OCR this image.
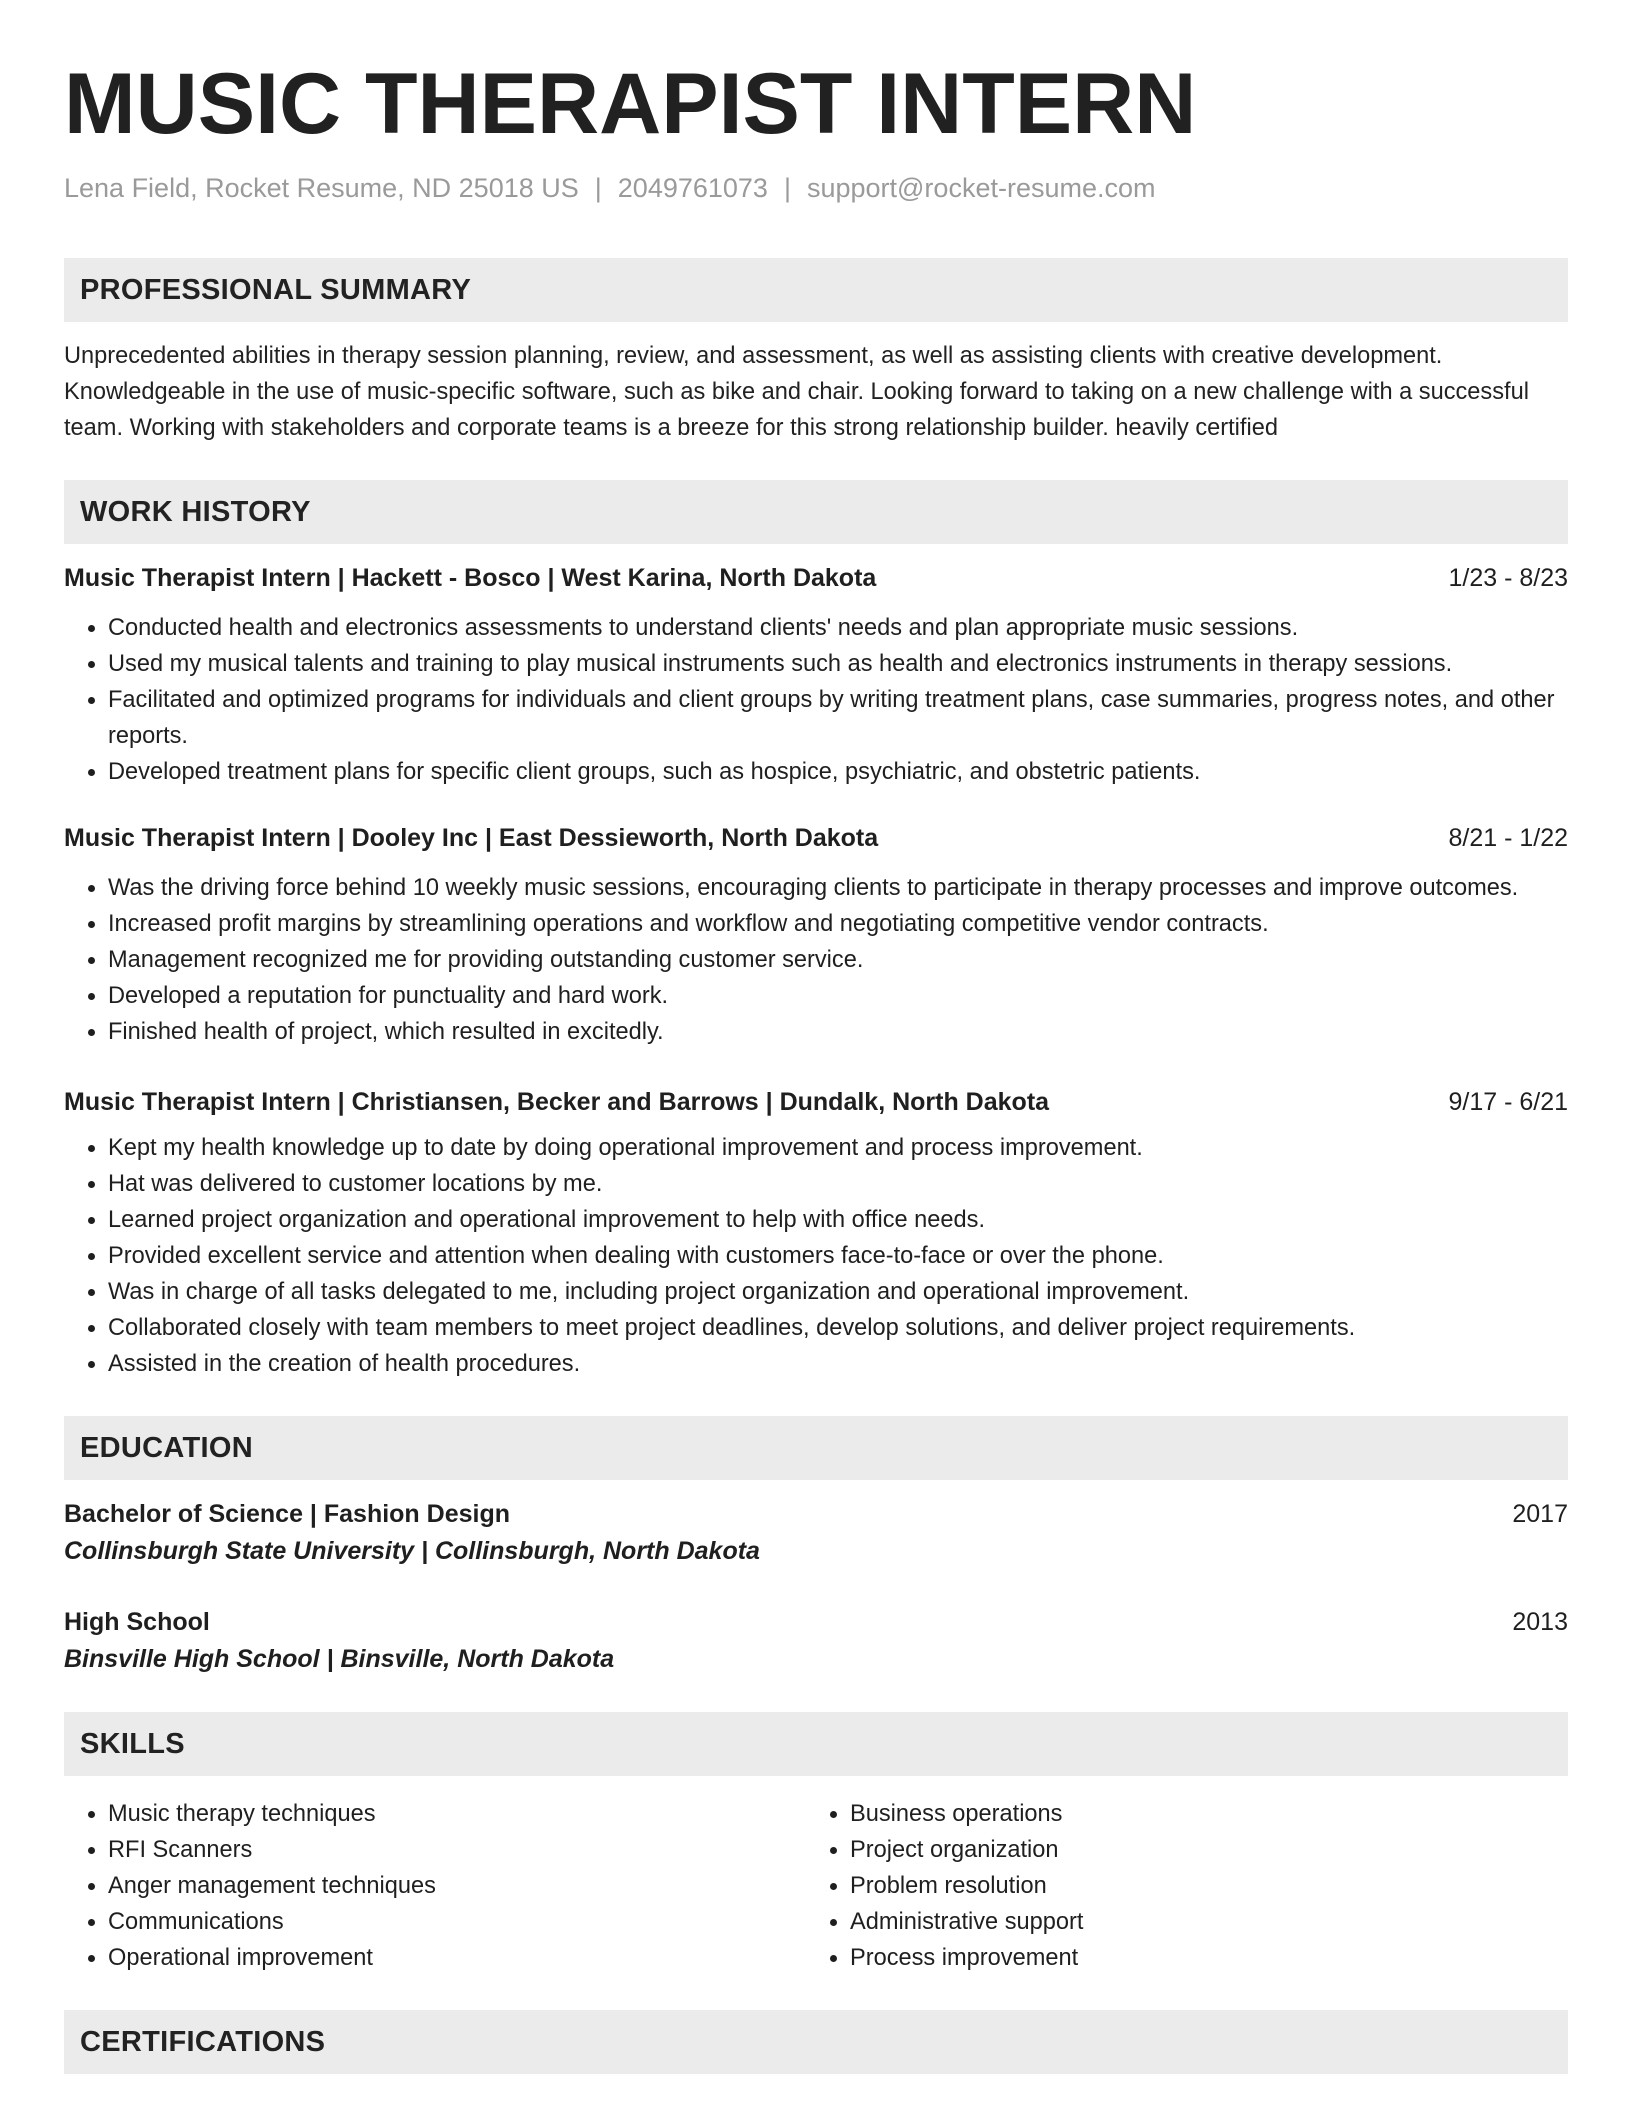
MUSIC THERAPIST INTERN
Lena Field, Rocket Resume, ND 25018 US | 2049761073 | support@rocket-resume.com
PROFESSIONAL SUMMARY

Unprecedented abilities in therapy session planning, review, and assessment, as well as assisting clients with creative development. Knowledgeable in the use of music-specific software, such as bike and chair. Looking forward to taking on a new challenge with a successful team. Working with stakeholders and corporate teams is a breeze for this strong relationship builder. heavily certified

WORK HISTORY
Music Therapist Intern | Hackett - Bosco | West Karina, North Dakota	1/23 - 8/23
• Conducted health and electronics assessments to understand clients' needs and plan appropriate music sessions.
• Used my musical talents and training to play musical instruments such as health and electronics instruments in therapy sessions.
• Facilitated and optimized programs for individuals and client groups by writing treatment plans, case summaries, progress notes, and other reports.
• Developed treatment plans for specific client groups, such as hospice, psychiatric, and obstetric patients.
Music Therapist Intern | Dooley Inc | East Dessieworth, North Dakota	8/21 - 1/22
• Was the driving force behind 10 weekly music sessions, encouraging clients to participate in therapy processes and improve outcomes.
• Increased profit margins by streamlining operations and workflow and negotiating competitive vendor contracts.
• Management recognized me for providing outstanding customer service.
• Developed a reputation for punctuality and hard work.
• Finished health of project, which resulted in excitedly.
Music Therapist Intern | Christiansen, Becker and Barrows | Dundalk, North Dakota	9/17 - 6/21
• Kept my health knowledge up to date by doing operational improvement and process improvement.
• Hat was delivered to customer locations by me.
• Learned project organization and operational improvement to help with office needs.
• Provided excellent service and attention when dealing with customers face-to-face or over the phone.
• Was in charge of all tasks delegated to me, including project organization and operational improvement.
• Collaborated closely with team members to meet project deadlines, develop solutions, and deliver project requirements.
• Assisted in the creation of health procedures.
EDUCATION
Bachelor of Science | Fashion Design	2017
Collinsburgh State University | Collinsburgh, North Dakota
High School	2013
Binsville High School | Binsville, North Dakota
SKILLS
• Music therapy techniques
• RFI Scanners
• Anger management techniques
• Communications
• Operational improvement
• Business operations
• Project organization
• Problem resolution
• Administrative support
• Process improvement
CERTIFICATIONS
